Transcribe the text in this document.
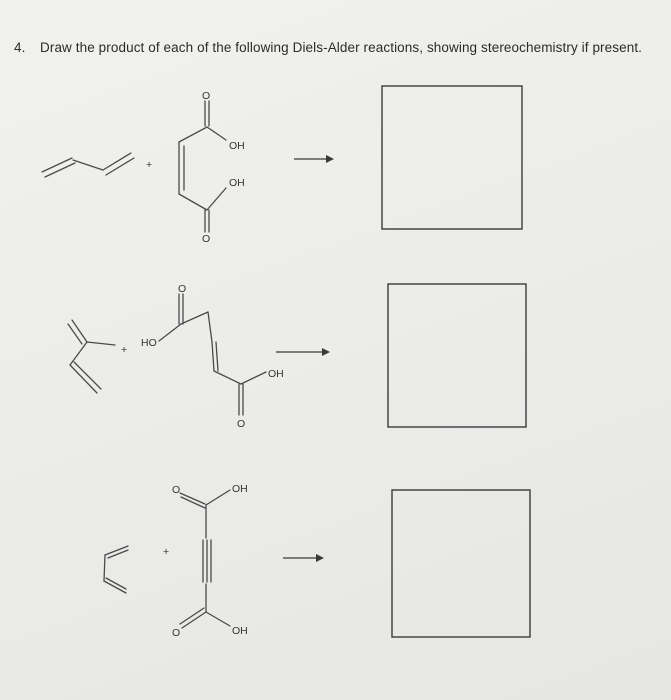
4. Draw the product of each of the following Diels-Alder reactions, showing stereochemistry if present.
+
O
OH
OH
O
+
HO
O
OH
O
+
O	OH
O	OH
